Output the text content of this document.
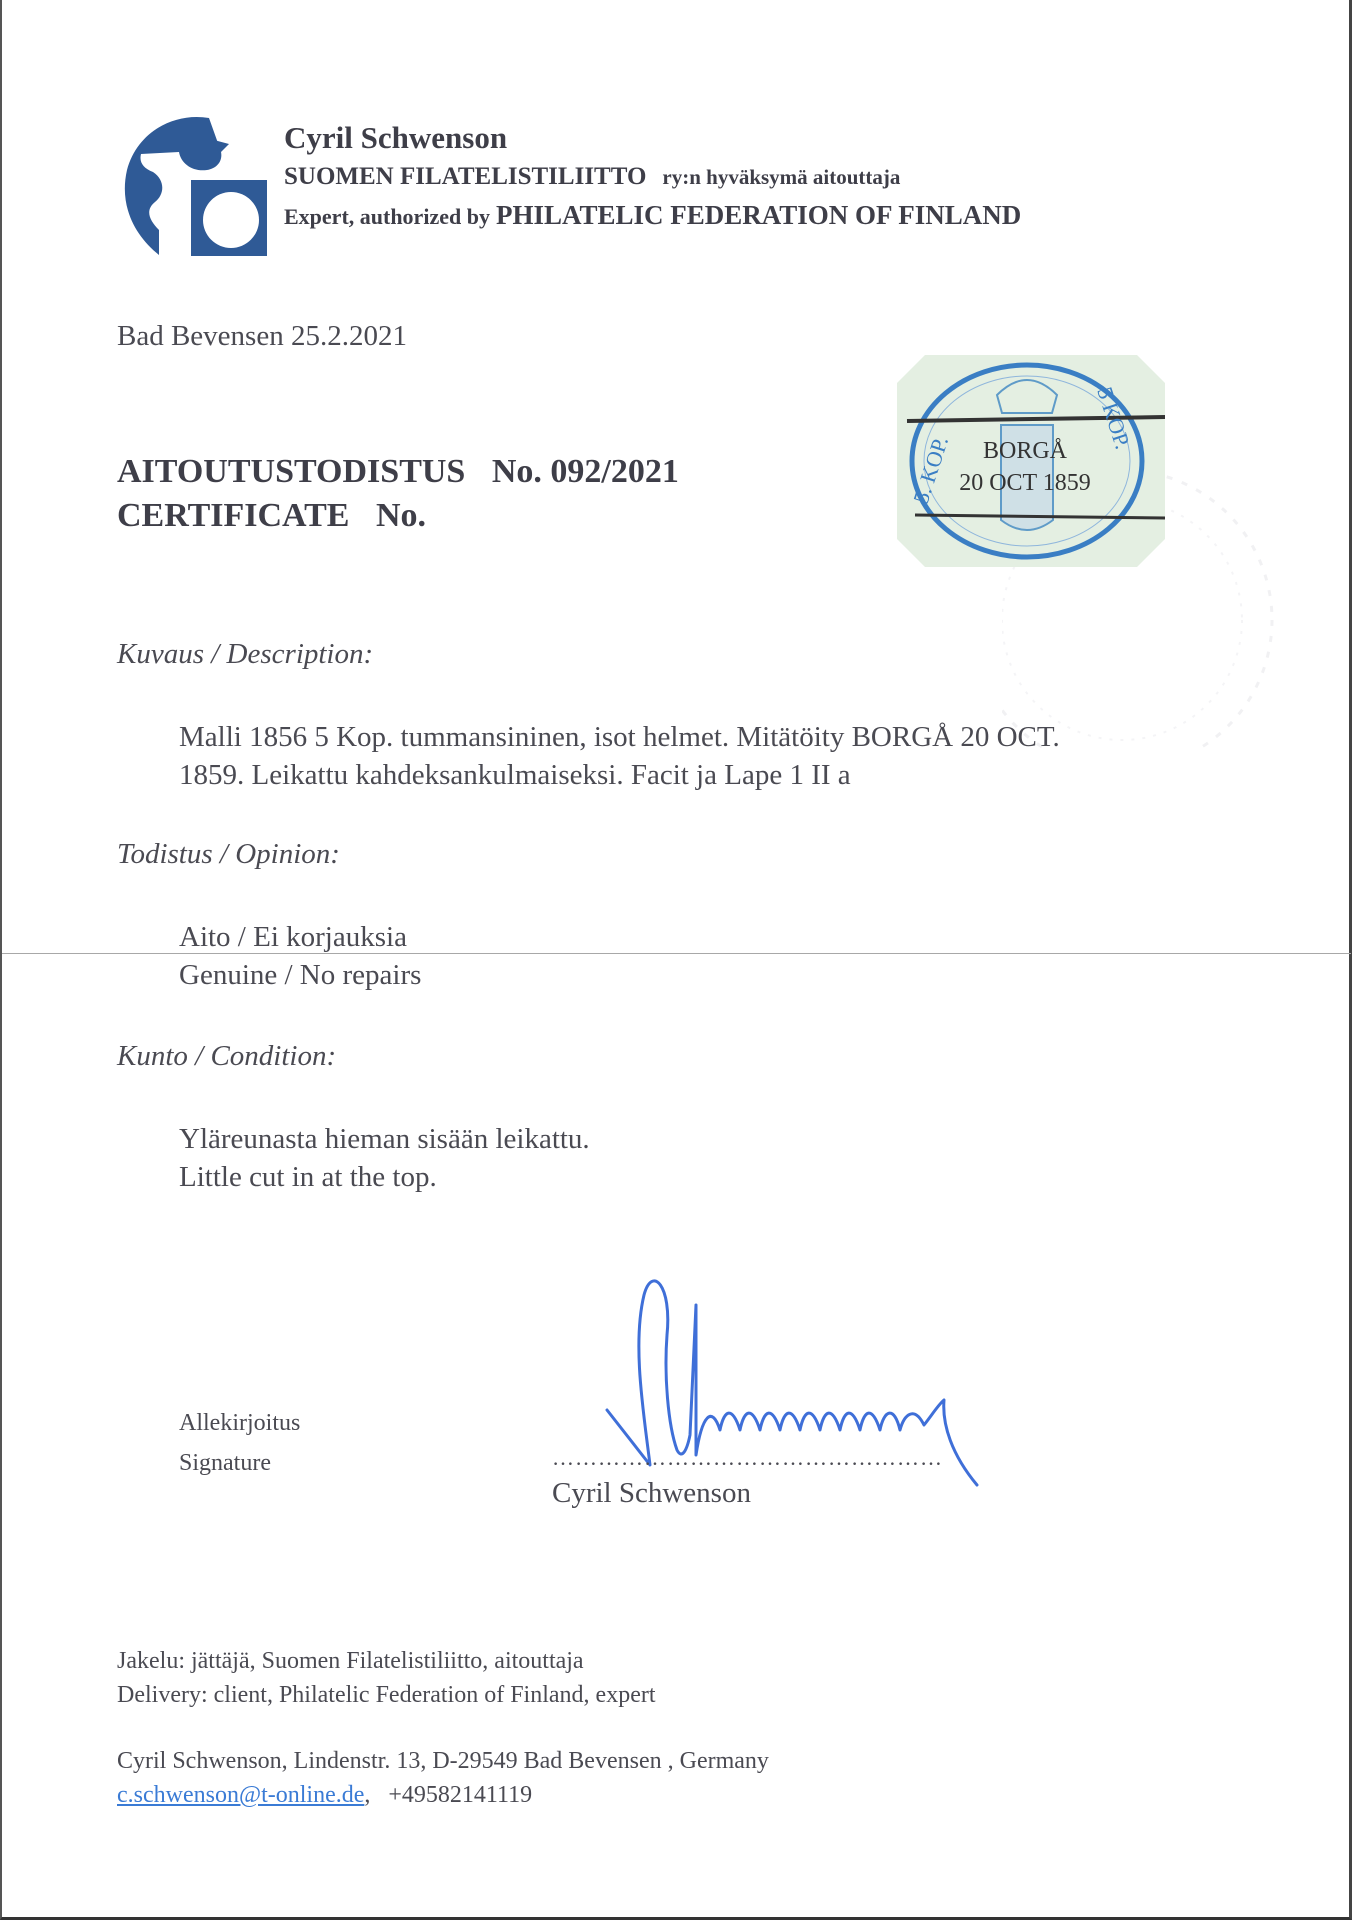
Cyril Schwenson
SUOMEN FILATELISTILIITTO ry:n hyväksymä aitouttaja
Expert, authorized by PHILATELIC FEDERATION OF FINLAND
Bad Bevensen 25.2.2021
AITOUTUSTODISTUS No. 092/2021
CERTIFICATE No.
BORGÅ
20 OCT 1859
5. KOP.
5 KOP.
Kuvaus / Description:
Malli 1856 5 Kop. tummansininen, isot helmet. Mitätöity BORGÅ 20 OCT.
1859. Leikattu kahdeksankulmaiseksi. Facit ja Lape 1 II a
Todistus / Opinion:
Aito / Ei korjauksia
Genuine / No repairs
Kunto / Condition:
Yläreunasta hieman sisään leikattu.
Little cut in at the top.
Allekirjoitus
Signature	……………………………………………
Cyril Schwenson
Jakelu: jättäjä, Suomen Filatelistiliitto, aitouttaja
Delivery: client, Philatelic Federation of Finland, expert
Cyril Schwenson, Lindenstr. 13, D-29549 Bad Bevensen , Germany
c.schwenson@t-online.de, +49582141119
